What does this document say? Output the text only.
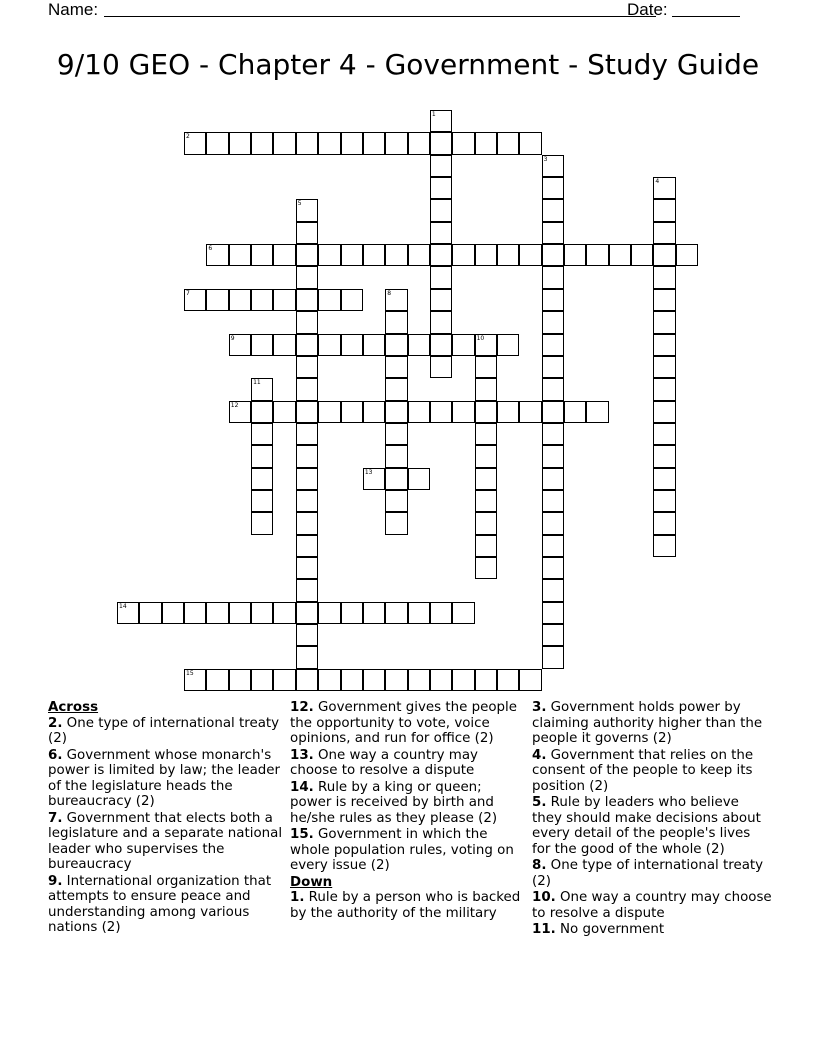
Name:	Date:
9/10 GEO - Chapter 4 - Government - Study Guide
1
2
3
4
5
6
7	8
9	10
11
12
13
14
15
Across
2. One type of international treaty (2)
6. Government whose monarch's power is limited by law; the leader of the legislature heads the bureaucracy (2)
7. Government that elects both a legislature and a separate national leader who supervises the bureaucracy
9. International organization that attempts to ensure peace and understanding among various nations (2)
12. Government gives the people the opportunity to vote, voice opinions, and run for office (2)
13. One way a country may choose to resolve a dispute
14. Rule by a king or queen; power is received by birth and he/she rules as they please (2)
15. Government in which the whole population rules, voting on every issue (2)
Down
1. Rule by a person who is backed by the authority of the military
3. Government holds power by claiming authority higher than the people it governs (2)
4. Government that relies on the consent of the people to keep its position (2)
5. Rule by leaders who believe they should make decisions about every detail of the people's lives for the good of the whole (2)
8. One type of international treaty (2)
10. One way a country may choose to resolve a dispute
11. No government
